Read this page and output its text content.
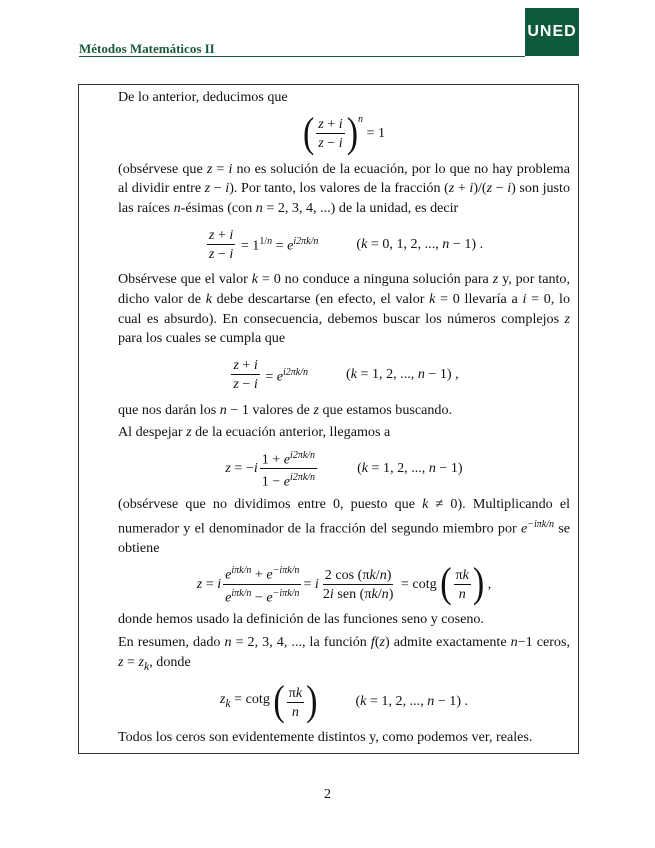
Métodos Matemáticos II
UNED

De lo anterior, deducimos que

( $\frac{z + i}{z - i} )^n$
= 1

(obsérvese que z = i no es solución de la ecuación, por lo que no hay problema al dividir entre z − i). Por tanto, los valores de la fracción (z + i)/(z − i) son justo las raíces n-ésimas (con n = 2, 3, 4, ...) de la unidad, es decir

$\frac{z + i}{z - i} = 1^{1/n} = e^{i2\pi k/n}$	(k = 0, 1, 2, ..., n − 1) .

Obsérvese que el valor k = 0 no conduce a ninguna solución para z y, por tanto, dicho valor de k debe descartarse (en efecto, el valor k = 0 llevaría a i = 0, lo cual es absurdo). En consecuencia, debemos buscar los números complejos z para los cuales se cumpla que

$\frac{z + i}{z - i} = e^{i2\pi k/n}$	(k = 1, 2, ..., n − 1) ,

que nos darán los n − 1 valores de z que estamos buscando.

Al despejar z de la ecuación anterior, llegamos a

$z = -i \frac{1 + e^{i2\pi k/n}}{1 - e^{i2\pi k/n}}$	(k = 1, 2, ..., n − 1)

(obsérvese que no dividimos entre 0, puesto que k ≠ 0). Multiplicando el numerador y el denominador de la fracción del segundo miembro por $e^{-i\pi k/n}$ se obtiene

z = i $\frac{e^{i\pi k/n} + e^{-i\pi k/n}}{e^{i\pi k/n} - e^{-i\pi k/n}} = i \frac{2 \cos (\pi k/n)}{\text{2i sen (πk/n)}} = \cot g$ ( $\frac{\pi k}{n}$ ) ,

donde hemos usado la definición de las funciones seno y coseno.

En resumen, dado n = 2, 3, 4, ..., la función f(z) admite exactamente n−1 ceros, $z = z_k$, donde

$z_k = \cot g$ ( $\frac{\pi k}{n}$ )	(k = 1, 2, ..., n − 1) .

Todos los ceros son evidentemente distintos y, como podemos ver, reales.

2
